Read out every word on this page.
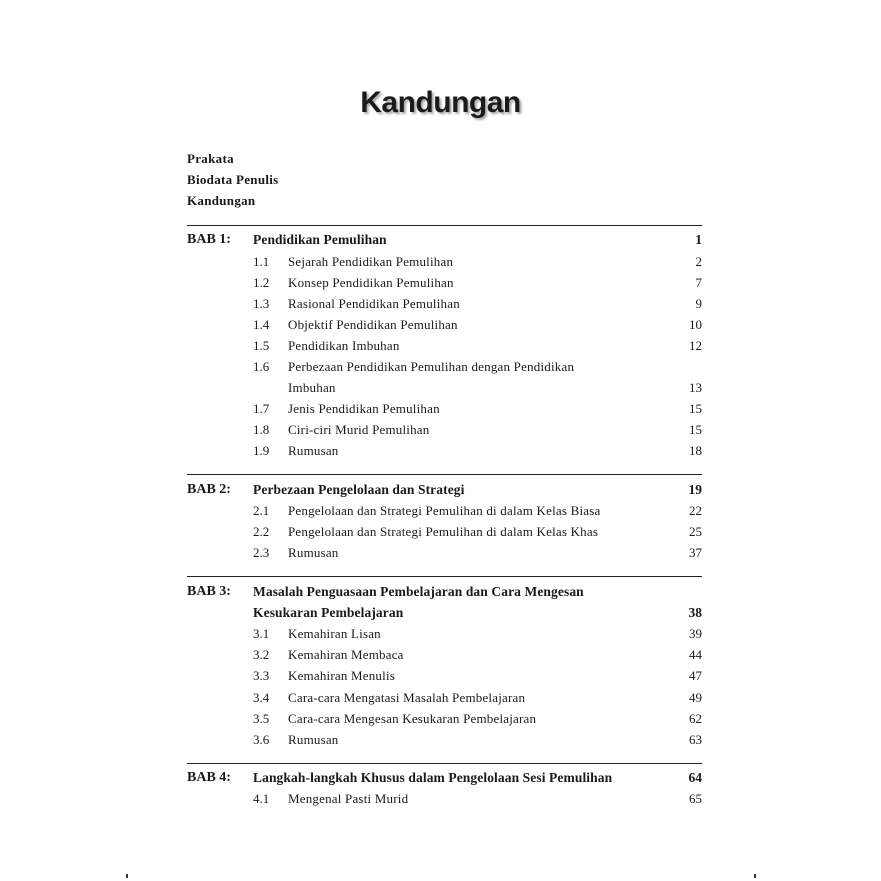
Kandungan
Prakata
Biodata Penulis
Kandungan
BAB 1: Pendidikan Pemulihan	1
1.1 Sejarah Pendidikan Pemulihan	2
1.2 Konsep Pendidikan Pemulihan	7
1.3 Rasional Pendidikan Pemulihan	9
1.4 Objektif Pendidikan Pemulihan	10
1.5 Pendidikan Imbuhan	12
1.6 Perbezaan Pendidikan Pemulihan dengan Pendidikan
Imbuhan	13
1.7 Jenis Pendidikan Pemulihan	15
1.8 Ciri-ciri Murid Pemulihan	15
1.9 Rumusan	18
BAB 2: Perbezaan Pengelolaan dan Strategi	19
2.1 Pengelolaan dan Strategi Pemulihan di dalam Kelas Biasa	22
2.2 Pengelolaan dan Strategi Pemulihan di dalam Kelas Khas	25
2.3 Rumusan	37
BAB 3: Masalah Penguasaan Pembelajaran dan Cara Mengesan
Kesukaran Pembelajaran	38
3.1 Kemahiran Lisan	39
3.2 Kemahiran Membaca	44
3.3 Kemahiran Menulis	47
3.4 Cara-cara Mengatasi Masalah Pembelajaran	49
3.5 Cara-cara Mengesan Kesukaran Pembelajaran	62
3.6 Rumusan	63
BAB 4: Langkah-langkah Khusus dalam Pengelolaan Sesi Pemulihan	64
4.1 Mengenal Pasti Murid	65
